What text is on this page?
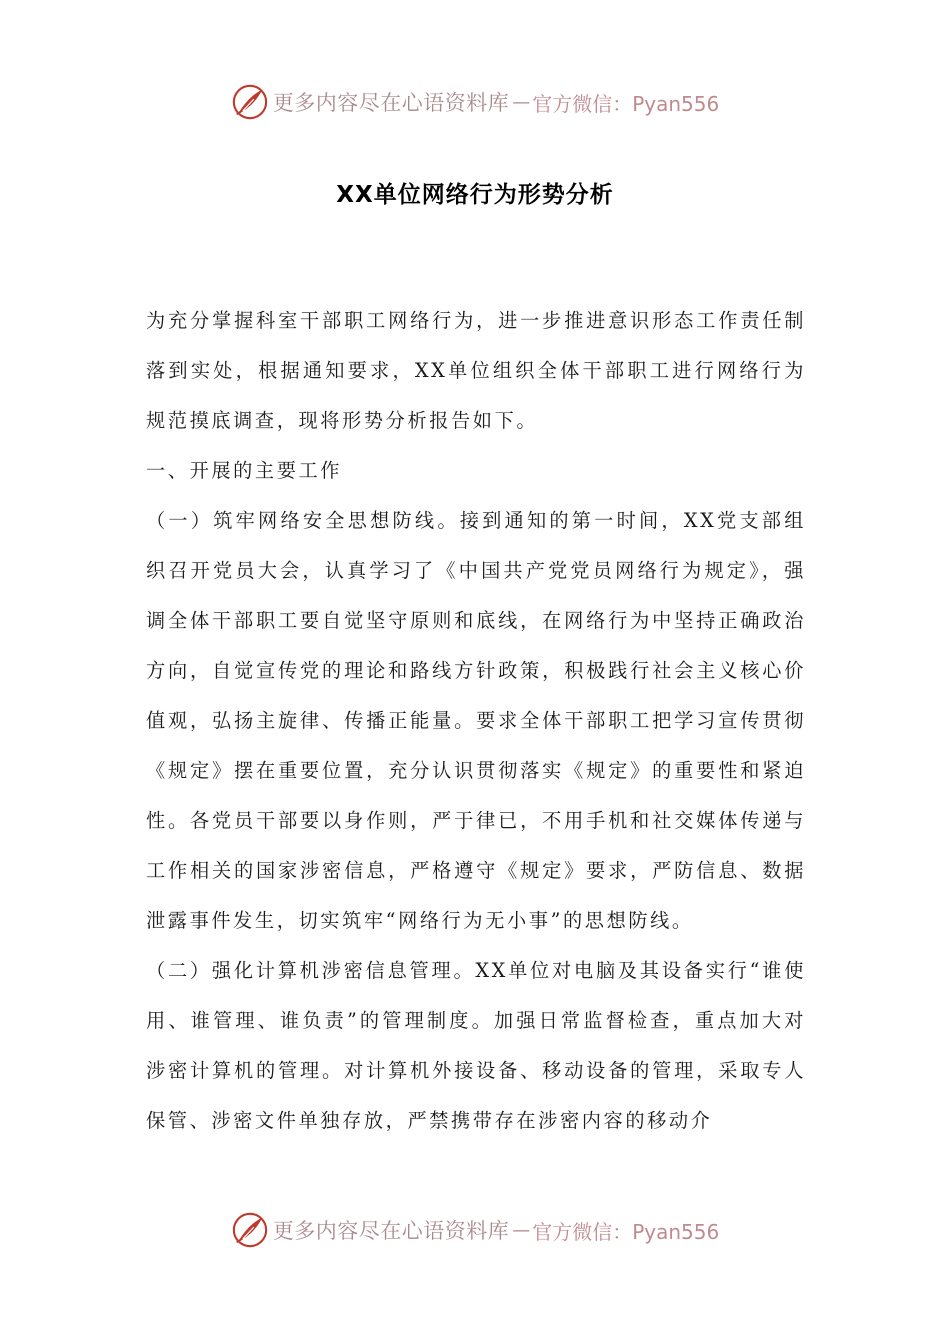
更多内容尽在心语资料库 — 官方微信：Pyan556
XX单位网络行为形势分析

为充分掌握科室干部职工网络行为，进一步推进意识形态工作责任制落到实处，根据通知要求，XX单位组织全体干部职工进行网络行为规范摸底调查，现将形势分析报告如下。

一、开展的主要工作

（一）筑牢网络安全思想防线。接到通知的第一时间，XX党支部组织召开党员大会，认真学习了《中国共产党党员网络行为规定》，强调全体干部职工要自觉坚守原则和底线，在网络行为中坚持正确政治方向，自觉宣传党的理论和路线方针政策，积极践行社会主义核心价值观，弘扬主旋律、传播正能量。要求全体干部职工把学习宣传贯彻《规定》摆在重要位置，充分认识贯彻落实《规定》的重要性和紧迫性。各党员干部要以身作则，严于律已，不用手机和社交媒体传递与工作相关的国家涉密信息，严格遵守《规定》要求，严防信息、数据泄露事件发生，切实筑牢“网络行为无小事”的思想防线。

（二）强化计算机涉密信息管理。XX单位对电脑及其设备实行“谁使用、谁管理、谁负责”的管理制度。加强日常监督检查，重点加大对涉密计算机的管理。对计算机外接设备、移动设备的管理，采取专人保管、涉密文件单独存放，严禁携带存在涉密内容的移动介

更多内容尽在心语资料库 — 官方微信：Pyan556
